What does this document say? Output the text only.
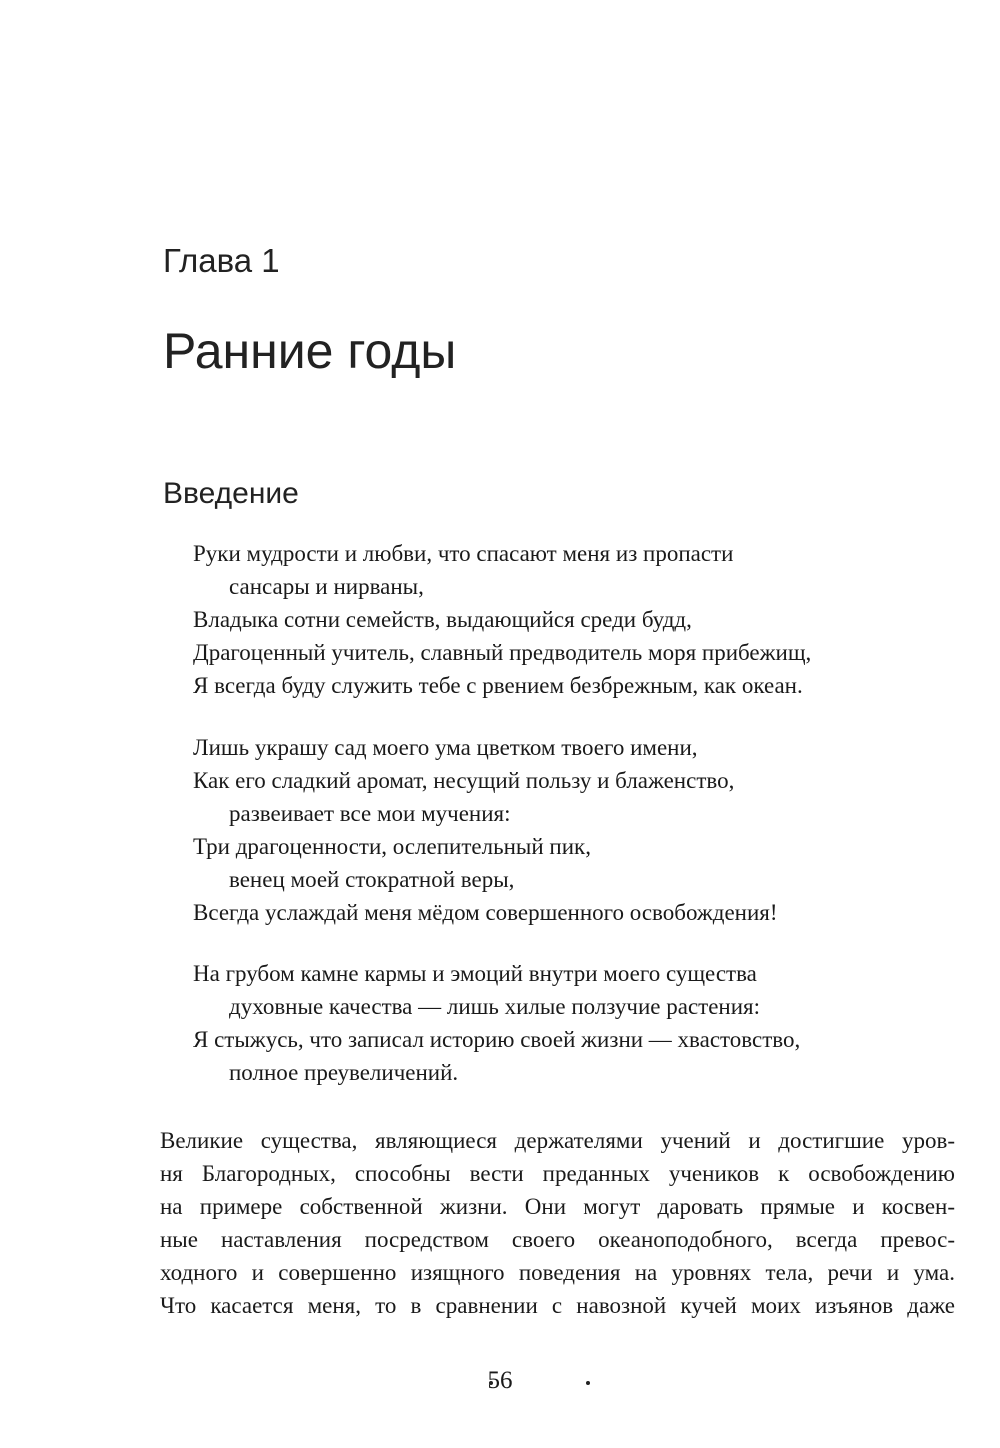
Глава 1
Ранние годы
Введение
Руки мудрости и любви, что спасают меня из пропасти
сансары и нирваны,
Владыка сотни семейств, выдающийся среди будд,
Драгоценный учитель, славный предводитель моря прибежищ,
Я всегда буду служить тебе с рвением безбрежным, как океан.
Лишь украшу сад моего ума цветком твоего имени,
Как его сладкий аромат, несущий пользу и блаженство,
развеивает все мои мучения:
Три драгоценности, ослепительный пик,
венец моей стократной веры,
Всегда услаждай меня мёдом совершенного освобождения!
На грубом камне кармы и эмоций внутри моего существа
духовные качества — лишь хилые ползучие растения:
Я стыжусь, что записал историю своей жизни — хвастовство,
полное преувеличений.
Великие существа, являющиеся держателями учений и достигшие уров-
ня Благородных, способны вести преданных учеников к освобождению
на примере собственной жизни. Они могут даровать прямые и косвен-
ные наставления посредством своего океаноподобного, всегда превос-
ходного и совершенно изящного поведения на уровнях тела, речи и ума.
Что касается меня, то в сравнении с навозной кучей моих изъянов даже
56
